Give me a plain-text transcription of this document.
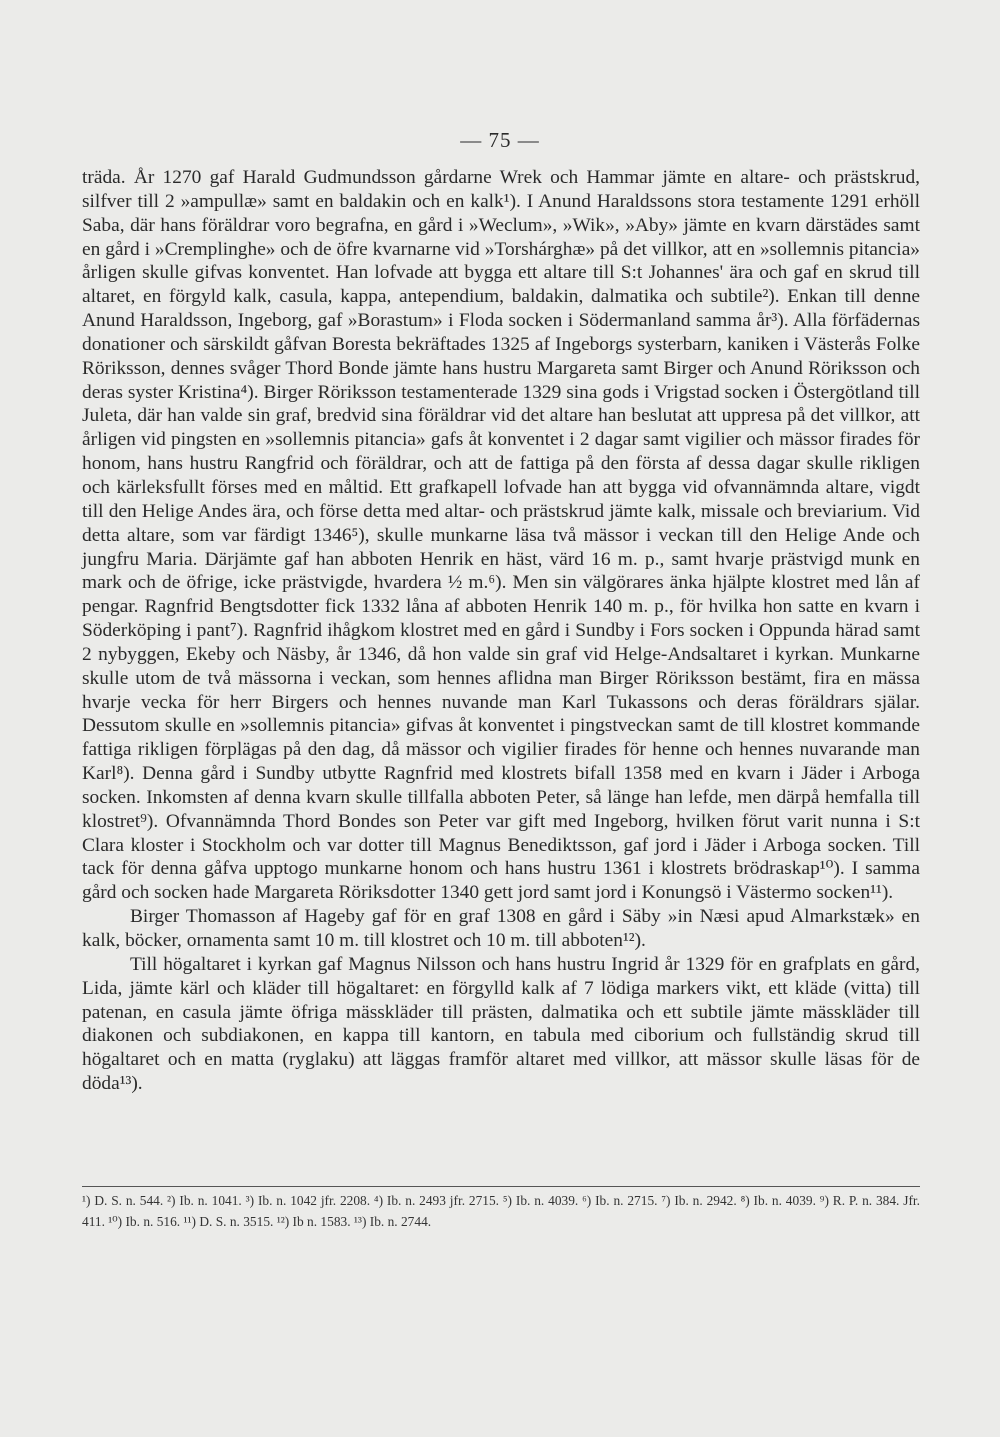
— 75 —

träda. År 1270 gaf Harald Gudmundsson gårdarne Wrek och Hammar jämte en altare- och prästskrud, silfver till 2 »ampullæ» samt en baldakin och en kalk¹). I Anund Haraldssons stora testamente 1291 erhöll Saba, där hans föräldrar voro begrafna, en gård i »Weclum», »Wik», »Aby» jämte en kvarn därstädes samt en gård i »Cremplinghe» och de öfre kvarnarne vid »Torshárghæ» på det villkor, att en »sollemnis pitancia» årligen skulle gifvas konventet. Han lofvade att bygga ett altare till S:t Johannes' ära och gaf en skrud till altaret, en förgyld kalk, casula, kappa, antependium, baldakin, dalmatika och subtile²). Enkan till denne Anund Haraldsson, Ingeborg, gaf »Borastum» i Floda socken i Södermanland samma år³). Alla förfädernas donationer och särskildt gåfvan Boresta bekräftades 1325 af Ingeborgs systerbarn, kaniken i Västerås Folke Röriksson, dennes svåger Thord Bonde jämte hans hustru Margareta samt Birger och Anund Röriksson och deras syster Kristina⁴). Birger Röriksson testamenterade 1329 sina gods i Vrigstad socken i Östergötland till Juleta, där han valde sin graf, bredvid sina föräldrar vid det altare han beslutat att uppresa på det villkor, att årligen vid pingsten en »sollemnis pitancia» gafs åt konventet i 2 dagar samt vigilier och mässor firades för honom, hans hustru Rangfrid och föräldrar, och att de fattiga på den första af dessa dagar skulle rikligen och kärleksfullt förses med en måltid. Ett grafkapell lofvade han att bygga vid ofvannämnda altare, vigdt till den Helige Andes ära, och förse detta med altar- och prästskrud jämte kalk, missale och breviarium. Vid detta altare, som var färdigt 1346⁵), skulle munkarne läsa två mässor i veckan till den Helige Ande och jungfru Maria. Därjämte gaf han abboten Henrik en häst, värd 16 m. p., samt hvarje prästvigd munk en mark och de öfrige, icke prästvigde, hvardera ½ m.⁶). Men sin välgörares änka hjälpte klostret med lån af pengar. Ragnfrid Bengtsdotter fick 1332 låna af abboten Henrik 140 m. p., för hvilka hon satte en kvarn i Söderköping i pant⁷). Ragnfrid ihågkom klostret med en gård i Sundby i Fors socken i Oppunda härad samt 2 nybyggen, Ekeby och Näsby, år 1346, då hon valde sin graf vid Helge-Andsaltaret i kyrkan. Munkarne skulle utom de två mässorna i veckan, som hennes aflidna man Birger Röriksson bestämt, fira en mässa hvarje vecka för herr Birgers och hennes nuvande man Karl Tukassons och deras föräldrars själar. Dessutom skulle en »sollemnis pitancia» gifvas åt konventet i pingstveckan samt de till klostret kommande fattiga rikligen förplägas på den dag, då mässor och vigilier firades för henne och hennes nuvarande man Karl⁸). Denna gård i Sundby utbytte Ragnfrid med klostrets bifall 1358 med en kvarn i Jäder i Arboga socken. Inkomsten af denna kvarn skulle tillfalla abboten Peter, så länge han lefde, men därpå hemfalla till klostret⁹). Ofvannämnda Thord Bondes son Peter var gift med Ingeborg, hvilken förut varit nunna i S:t Clara kloster i Stockholm och var dotter till Magnus Benediktsson, gaf jord i Jäder i Arboga socken. Till tack för denna gåfva upptogo munkarne honom och hans hustru 1361 i klostrets brödraskap¹⁰). I samma gård och socken hade Margareta Röriksdotter 1340 gett jord samt jord i Konungsö i Västermo socken¹¹).

Birger Thomasson af Hageby gaf för en graf 1308 en gård i Säby »in Næsi apud Almarkstæk» en kalk, böcker, ornamenta samt 10 m. till klostret och 10 m. till abboten¹²).

Till högaltaret i kyrkan gaf Magnus Nilsson och hans hustru Ingrid år 1329 för en grafplats en gård, Lida, jämte kärl och kläder till högaltaret: en förgylld kalk af 7 lödiga markers vikt, ett kläde (vitta) till patenan, en casula jämte öfriga mässkläder till prästen, dalmatika och ett subtile jämte mässkläder till diakonen och subdiakonen, en kappa till kantorn, en tabula med ciborium och fullständig skrud till högaltaret och en matta (ryglaku) att läggas framför altaret med villkor, att mässor skulle läsas för de döda¹³).

¹) D. S. n. 544. ²) Ib. n. 1041. ³) Ib. n. 1042 jfr. 2208. ⁴) Ib. n. 2493 jfr. 2715. ⁵) Ib. n. 4039. ⁶) Ib. n. 2715. ⁷) Ib. n. 2942. ⁸) Ib. n. 4039. ⁹) R. P. n. 384. Jfr. 411. ¹⁰) Ib. n. 516. ¹¹) D. S. n. 3515. ¹²) Ib n. 1583. ¹³) Ib. n. 2744.
